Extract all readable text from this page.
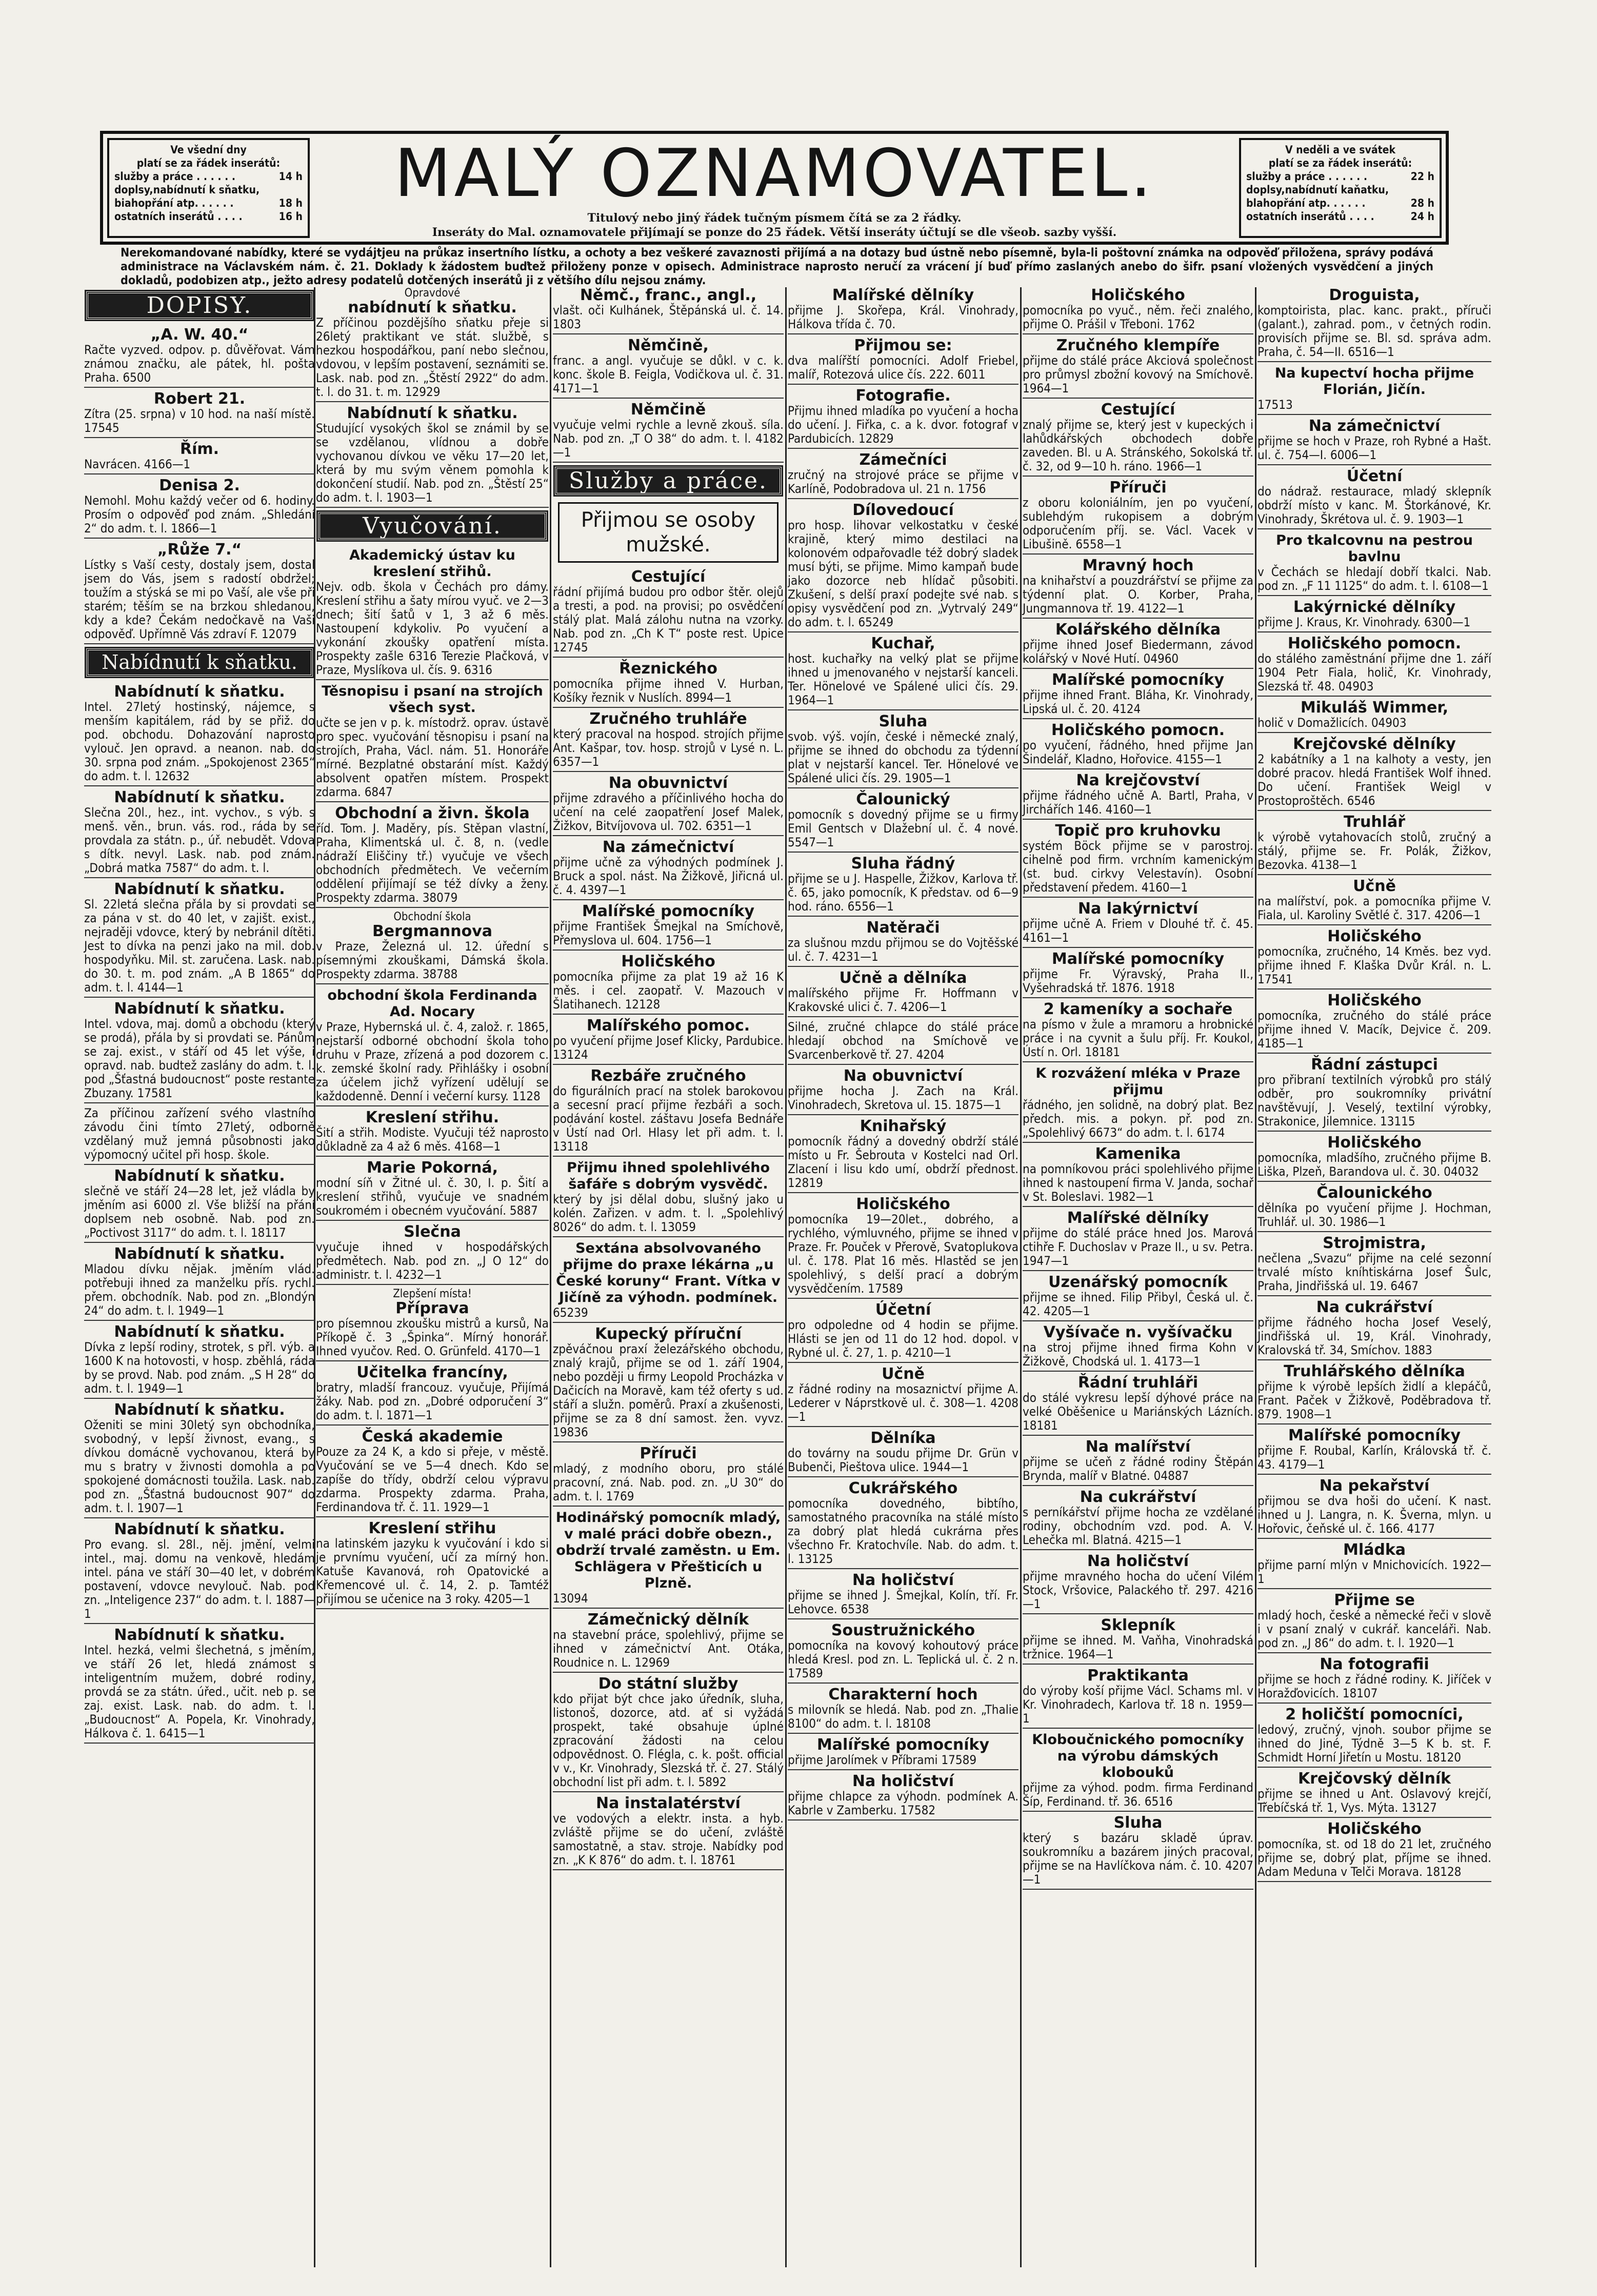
Ve všední dny
platí se za řádek inserátů:
služby a práce . . . . . .	14 h
doplsy,nabídnutí k sňatku,
biahopřání atp. . . . . .	18 h
ostatních inserátů . . . .	16 h
MALÝ OZNAMOVATEL.
Titulový nebo jiný řádek tučným písmem čítá se za 2 řádky.
Inseráty do Mal. oznamovatele přijímají se ponze do 25 řádek. Větší inseráty účtují se dle všeob. sazby vyšší.
V neděli a ve svátek
platí se za řádek inserátů:
služby a práce . . . . . .	22 h
doplsy,nabídnutí kaňatku,
blahopřání atp. . . . . .	28 h
ostatních inserátů . . . .	24 h
Nerekomandované nabídky, které se vydájtjeu na průkaz insertního lístku, a ochoty a bez veškeré zavaznosti přijímá a na dotazy bud ústně nebo písemně, byla-li poštovní známka na odpověď přiložena, správy podává administrace na Václavském nám. č. 21. Doklady k žádostem buďtež přiloženy ponze v opisech. Administrace naprosto neručí za vrácení jí buď přímo zaslaných anebo do šifr. psaní vložených vysvědčení a jiných dokladů, podobizen atp., ježto adresy podatelů dotčených inserátů ji z většího dílu nejsou známy.
DOPISY.
„A. W. 40.“
Račte vyzved. odpov. p. důvěřovat. Vám známou značku, ale pátek, hl. pošta Praha. 6500
Robert 21.
Zítra (25. srpna) v 10 hod. na naší místě. 17545
Řím.
Navrácen. 4166—1
Denisa 2.
Nemohl. Mohu každý večer od 6. hodiny. Prosím o odpověď pod znám. „Shledání 2“ do adm. t. l. 1866—1
„Růže 7.“
Lístky s Vaší cesty, dostaly jsem, dostal jsem do Vás, jsem s radostí obdržel; toužím a stýská se mi po Vaší, ale vše při starém; těším se na brzkou shledanou, kdy a kde? Čekám nedočkavě na Vaši odpověď. Upřímně Vás zdraví F. 12079
Nabídnutí k sňatku.
Nabídnutí k sňatku.
Intel. 27letý hostinský, nájemce, s menším kapitálem, rád by se přiž. do pod. obchodu. Dohazování naprosto vylouč. Jen opravd. a neanon. nab. do 30. srpna pod znám. „Spokojenost 2365“ do adm. t. l. 12632
Nabídnutí k sňatku.
Slečna 20l., hez., int. vychov., s výb. s menš. věn., brun. vás. rod., ráda by se provdala za státn. p., úř. nebudět. Vdova s dítk. nevyl. Lask. nab. pod znám. „Dobrá matka 7587“ do adm. t. l.
Nabídnutí k sňatku.
Sl. 22letá slečna přála by si provdati se za pána v st. do 40 let, v zajišt. exist., nejraději vdovce, který by nebránil dítěti. Jest to dívka na penzi jako na mil. dob. hospodyňku. Mil. st. zaručena. Lask. nab. do 30. t. m. pod znám. „A B 1865“ do adm. t. l. 4144—1
Nabídnutí k sňatku.
Intel. vdova, maj. domů a obchodu (který se prodá), přála by si provdati se. Pánům se zaj. exist., v stáří od 45 let výše, i opravd. nab. budtež zaslány do adm. t. l. pod „Šťastná budoucnost“ poste restante Zbuzany. 17581
Za příčinou zařízení svého vlastního závodu čini tímto 27letý, odborně vzdělaný muž jemná působnosti jako výpomocný učitel při hosp. škole.
Nabídnutí k sňatku.
slečně ve stáří 24—28 let, jež vládla by jměním asi 6000 zl. Vše bližší na přání doplsem neb osobně. Nab. pod zn. „Poctivost 3117“ do adm. t. l. 18117
Nabídnutí k sňatku.
Mladou dívku nějak. jměním vlád. potřebuji ihned za manželku přís. rychl. přem. obchodník. Nab. pod zn. „Blondýn 24“ do adm. t. l. 1949—1
Nabídnutí k sňatku.
Dívka z lepší rodiny, strotek, s přl. výb. a 1600 K na hotovosti, v hosp. zběhlá, ráda by se provd. Nab. pod znám. „S H 28“ do adm. t. l. 1949—1
Nabídnutí k sňatku.
Oženiti se mini 30letý syn obchodníka, svobodný, v lepší živnost, evang., s dívkou domácně vychovanou, která by mu s bratry v živnosti domohla a po spokojené domácnosti toužila. Lask. nab. pod zn. „Šťastná budoucnost 907“ do adm. t. l. 1907—1
Nabídnutí k sňatku.
Pro evang. sl. 28l., něj. jmění, velmi intel., maj. domu na venkově, hledám intel. pána ve stáří 30—40 let, v dobrém postavení, vdovce nevylouč. Nab. pod zn. „Inteligence 237“ do adm. t. l. 1887—1
Nabídnutí k sňatku.
Intel. hezká, velmi šlechetná, s jměním, ve stáří 26 let, hledá známost s inteligentním mužem, dobré rodiny, provdá se za státn. úřed., učit. neb p. se zaj. exist. Lask. nab. do adm. t. l. „Budoucnost“ A. Popela, Kr. Vinohrady, Hálkova č. 1. 6415—1
Opravdové
nabídnutí k sňatku.
Z příčinou pozdějšího sňatku přeje si 26letý praktikant ve stát. službě, s hezkou hospodářkou, paní nebo slečnou, vdovou, v lepším postavení, seznámiti se. Lask. nab. pod zn. „Štěstí 2922“ do adm. t. l. do 31. t. m. 12929
Nabídnutí k sňatku.
Studující vysokých škol se známil by se se vzdělanou, vlídnou a dobře vychovanou dívkou ve věku 17—20 let, která by mu svým věnem pomohla k dokončení studií. Nab. pod zn. „Štěstí 25“ do adm. t. l. 1903—1
Vyučování.
Akademický ústav ku kreslení střihů.
Nejv. odb. škola v Čechách pro dámy. Kreslení střihu a šaty mírou vyuč. ve 2—3 dnech; šití šatů v 1, 3 až 6 měs. Nastoupení kdykoliv. Po vyučení a vykonání zkoušky opatření místa. Prospekty zašle 6316 Terezie Plačková, v Praze, Myslíkova ul. čís. 9. 6316
Těsnopisu i psaní na strojích všech syst.
učte se jen v p. k. místodrž. oprav. ústavě pro spec. vyučování těsnopisu i psaní na strojích, Praha, Václ. nám. 51. Honoráře mírné. Bezplatné obstarání míst. Každý absolvent opatřen místem. Prospekt zdarma. 6847
Obchodní a živn. škola
říd. Tom. J. Maděry, pís. Stěpan vlastní, Praha, Klimentská ul. č. 8, n. (vedle nádraží Eliščiny tř.) vyučuje ve všech obchodních předmětech. Ve večerním oddělení přijímají se též dívky a ženy. Prospekty zdarma. 38079
Obchodní škola
Bergmannova
v Praze, Železná ul. 12. úřední s písemnými zkouškami, Dámská škola. Prospekty zdarma. 38788
obchodní škola Ferdinanda Ad. Nocary
v Praze, Hybernská ul. č. 4, založ. r. 1865, nejstarší odborné obchodní škola toho druhu v Praze, zřízená a pod dozorem c. k. zemské školní rady. Přihlášky i osobní za účelem jichž vyřízení udělují se každodenně. Denní i večerní kursy. 1128
Kreslení střihu.
Šití a střih. Modiste. Vyučuji též naprosto důkladně za 4 až 6 měs. 4168—1
Marie Pokorná,
modní síň v Žitné ul. č. 30, I. p. Šití a kreslení střihů, vyučuje ve snadném soukromém i obecném vyučování. 5887
Slečna
vyučuje ihned v hospodářských předmětech. Nab. pod zn. „J O 12“ do administr. t. l. 4232—1
Zlepšení místa!
Příprava
pro písemnou zkoušku mistrů a kursů, Na Příkopě č. 3 „Špinka“. Mírný honorář. Ihned vyučov. Red. O. Grünfeld. 4170—1
Učitelka francíny,
bratry, mladší francouz. vyučuje, Přijímá žáky. Nab. pod zn. „Dobré odporučení 3“ do adm. t. l. 1871—1
Česká akademie
Pouze za 24 K, a kdo si přeje, v městě. Vyučování se ve 5—4 dnech. Kdo se zapíše do třídy, obdrží celou výpravu zdarma. Prospekty zdarma. Praha, Ferdinandova tř. č. 11. 1929—1
Kreslení střihu
na latinském jazyku k vyučování i kdo si je prvnímu vyučení, učí za mírný hon. Katuše Kavanová, roh Opatovické a Křemencové ul. č. 14, 2. p. Tamtéž přijímou se učenice na 3 roky. 4205—1
Němč., franc., angl.,
vlašt. oči Kulhánek, Štěpánská ul. č. 14. 1803
Němčině,
franc. a angl. vyučuje se důkl. v c. k. konc. škole B. Feigla, Vodičkova ul. č. 31. 4171—1
Němčině
vyučuje velmi rychle a levně zkouš. síla. Nab. pod zn. „T O 38“ do adm. t. l. 4182—1
Služby a práce.
Přijmou se osoby mužské.
Cestující
řádní přijímá budou pro odbor štěr. olejů a tresti, a pod. na provisi; po osvědčení stálý plat. Malá zálohu nutna na vzorky. Nab. pod zn. „Ch K T“ poste rest. Upice 12745
Řeznického
pomocníka přijme ihned V. Hurban, Košíky řeznik v Nuslích. 8994—1
Zručného truhláře
který pracoval na hospod. strojích přijme Ant. Kašpar, tov. hosp. strojů v Lysé n. L. 6357—1
Na obuvnictví
přijme zdravého a příčinlivého hocha do učení na celé zaopatření Josef Malek, Žižkov, Bitvíjovova ul. 702. 6351—1
Na zámečnictví
přijme učně za výhodných podmínek J. Bruck a spol. nást. Na Žižkově, Jiřicná ul. č. 4. 4397—1
Malířské pomocníky
přijme František Šmejkal na Smíchově, Přemyslova ul. 604. 1756—1
Holičského
pomocníka přijme za plat 19 až 16 K měs. i cel. zaopatř. V. Mazouch v Šlatihanech. 12128
Malířského pomoc.
po vyučení přijme Josef Klicky, Pardubice. 13124
Rezbáře zručného
do figurálních prací na stolek barokovou a secesní prací přijme řezbáři a soch. podávání kostel. záštavu Josefa Bednáře v Ústí nad Orl. Hlasy let při adm. t. l. 13118
Přijmu ihned spolehlivého šafáře s dobrým vysvědč.
který by jsi dělal dobu, slušný jako u kolén. Zařizen. v adm. t. l. „Spolehlivý 8026“ do adm. t. l. 13059
Sextána absolvovaného přijme do praxe lékárna „u České koruny“ Frant. Vítka v Jičíně za výhodn. podmínek.
65239
Kupecký příruční
zpěváčnou praxí železářského obchodu, znalý krajů, přijme se od 1. září 1904, nebo později u firmy Leopold Procházka v Dačicích na Moravě, kam též oferty s ud. stáří a služn. poměrů. Praxí a zkušenosti, přijme se za 8 dní samost. žen. vyvz. 19836
Příruči
mladý, z modního oboru, pro stálé pracovní, zná. Nab. pod. zn. „U 30“ do adm. t. l. 1769
Hodinářský pomocník mladý, v malé práci dobře obezn., obdrží trvalé zaměstn. u Em. Schlägera v Přešticích u Plzně.
13094
Zámečnický dělník
na stavební práce, spolehlivý, přijme se ihned v zámečnictví Ant. Otáka, Roudnice n. L. 12969
Do státní služby
kdo přijat být chce jako úředník, sluha, listonoš, dozorce, atd. ať si vyžádá prospekt, také obsahuje úplné zpracování žádosti na celou odpovědnost. O. Flégla, c. k. pošt. official v v., Kr. Vinohrady, Slezská tř. č. 27. Stálý obchodní list při adm. t. l. 5892
Na instalatérství
ve vodových a elektr. insta. a hyb. zvláště přijme se do učení, zvláště samostatně, a stav. stroje. Nabídky pod zn. „K K 876“ do adm. t. l. 18761
Malířské dělníky
přijme J. Skořepa, Král. Vinohrady, Hálkova třída č. 70.
Přijmou se:
dva malířští pomocníci. Adolf Friebel, malíř, Rotezová ulice čís. 222. 6011
Fotografie.
Přijmu ihned mladíka po vyučení a hocha do učení. J. Fiřka, c. a k. dvor. fotograf v Pardubicích. 12829
Zámečníci
zručný na strojové práce se přijme v Karlíně, Podobradova ul. 21 n. 1756
Dílovedoucí
pro hosp. lihovar velkostatku v české krajině, který mimo destilaci na kolonovém odpařovadle též dobrý sladek musí býti, se přijme. Mimo kampaň bude jako dozorce neb hlídač působiti. Zkušení, s delší praxí podejte své nab. s opisy vysvědčení pod zn. „Vytrvalý 249“ do adm. t. l. 65249
Kuchař,
host. kuchařky na velký plat se přijme ihned u jmenovaného v nejstarší kanceli. Ter. Hönelové ve Spálené ulici čís. 29. 1964—1
Sluha
svob. výš. vojín, české i německé znalý, přijme se ihned do obchodu za týdenní plat v nejstarší kancel. Ter. Hönelové ve Spálené ulici čís. 29. 1905—1
Čalounický
pomocník s dovedný přijme se u firmy Emil Gentsch v Dlažební ul. č. 4 nové. 5547—1
Sluha řádný
přijme se u J. Haspelle, Žižkov, Karlova tř. č. 65, jako pomocník, K představ. od 6—9 hod. ráno. 6556—1
Natěrači
za slušnou mzdu přijmou se do Vojtěšské ul. č. 7. 4231—1
Učně a dělníka
malířského přijme Fr. Hoffmann v Krakovské ulici č. 7. 4206—1
Silné, zručné chlapce do stálé práce hledají obchod na Smíchově ve Svarcenberkově tř. 27. 4204
Na obuvnictví
přijme hocha J. Zach na Král. Vinohradech, Skretova ul. 15. 1875—1
Knihařský
pomocník řádný a dovedný obdrží stálé místo u Fr. Šebrouta v Kostelci nad Orl. Zlacení i lisu kdo umí, obdrží přednost. 12819
Holičského
pomocníka 19—20let., dobrého, a rychlého, výmluvného, přijme se ihned v Praze. Fr. Pouček v Přerově, Svatoplukova ul. č. 178. Plat 16 měs. Hlastěd se jen spolehlivý, s delší prací a dobrým vysvědčením. 17589
Účetní
pro odpoledne od 4 hodin se přijme. Hlásti se jen od 11 do 12 hod. dopol. v Rybné ul. č. 27, 1. p. 4210—1
Učně
z řádné rodiny na mosaznictví přijme A. Lederer v Náprstkově ul. č. 308—1. 4208—1
Dělníka
do továrny na soudu přijme Dr. Grün v Bubenči, Pieštova ulice. 1944—1
Cukrářského
pomocníka dovedného, bibtího, samostatného pracovníka na stálé místo za dobrý plat hledá cukrárna přes všechno Fr. Kratochvíle. Nab. do adm. t. l. 13125
Na holičství
přijme se ihned J. Šmejkal, Kolín, tří. Fr. Lehovce. 6538
Soustružnického
pomocníka na kovový kohoutový práce hledá Kresl. pod zn. L. Teplická ul. č. 2 n. 17589
Charakterní hoch
s milovník se hledá. Nab. pod zn. „Thalie 8100“ do adm. t. l. 18108
Malířské pomocníky
přijme Jarolímek v Příbrami 17589
Na holičství
přijme chlapce za výhodn. podmínek A. Kabrle v Zamberku. 17582
Holičského
pomocníka po vyuč., něm. řeči znalého, přijme O. Prášil v Třeboni. 1762
Zručného klempíře
přijme do stálé práce Akciová společnost pro průmysl zbožní kovový na Smíchově. 1964—1
Cestující
znalý přijme se, který jest v kupeckých i lahůdkářských obchodech dobře zaveden. Bl. u A. Stránského, Sokolská tř. č. 32, od 9—10 h. ráno. 1966—1
Příruči
z oboru koloniálním, jen po vyučení, sublehdým rukopisem a dobrým odporučením příj. se. Václ. Vacek v Libušině. 6558—1
Mravný hoch
na knihařství a pouzdrářství se přijme za týdenní plat. O. Korber, Praha, Jungmannova tř. 19. 4122—1
Kolářského dělníka
přijme ihned Josef Biedermann, závod kolářský v Nové Hutí. 04960
Malířské pomocníky
přijme ihned Frant. Bláha, Kr. Vinohrady, Lipská ul. č. 20. 4124
Holičského pomocn.
po vyučení, řádného, hned přijme Jan Šindelář, Kladno, Hořovice. 4155—1
Na krejčovství
přijme řádného učně A. Bartl, Praha, v Jirchářích 146. 4160—1
Topič pro kruhovku
systém Böck přijme se v parostroj. cihelně pod firm. vrchním kamenickým (st. bud. cirkvy Velestavín). Osobní představení předem. 4160—1
Na lakýrnictví
přijme učně A. Friem v Dlouhé tř. č. 45. 4161—1
Malířské pomocníky
přijme Fr. Výravský, Praha II., Vyšehradská tř. 1876. 1918
2 kameníky a sochaře
na písmo v žule a mramoru a hrobnické práce i na cyvnit a šulu příj. Fr. Koukol, Ústí n. Orl. 18181
K rozvážení mléka v Praze přijmu
řádného, jen solidně, na dobrý plat. Bez předch. mis. a pokyn. př. pod zn. „Spolehlivý 6673“ do adm. t. l. 6174
Kamenika
na pomníkovou práci spolehlivého přijme ihned k nastoupení firma V. Janda, sochař v St. Boleslavi. 1982—1
Malířské dělníky
přijme do stálé práce hned Jos. Marová ctihře F. Duchoslav v Praze II., u sv. Petra. 1947—1
Uzenářský pomocník
přijme se ihned. Filip Přibyl, Česká ul. č. 42. 4205—1
Vyšívače n. vyšívačku
na stroj přijme ihned firma Kohn v Žižkově, Chodská ul. 1. 4173—1
Řádní truhláři
do stálé vykresu lepší dýhové práce na velké Oběšenice u Mariánských Lázních. 18181
Na malířství
přijme se učeň z řádné rodiny Štěpán Brynda, malíř v Blatné. 04887
Na cukrářství
s perníkářství přijme hocha ze vzdělané rodiny, obchodním vzd. pod. A. V. Lehečka ml. Blatná. 4215—1
Na holičství
přijme mravného hocha do učení Vilém Stock, Vršovice, Palackého tř. 297. 4216—1
Sklepník
přijme se ihned. M. Vaňha, Vinohradská tržnice. 1964—1
Praktikanta
do výroby koší přijme Václ. Schams ml. v Kr. Vinohradech, Karlova tř. 18 n. 1959—1
Kloboučnického pomocníky na výrobu dámských klobouků
přijme za výhod. podm. firma Ferdinand Šíp, Ferdinand. tř. 36. 6516
Sluha
který s bazáru skladě úprav. soukromníku a bazárem jiných pracoval, přijme se na Havlíčkova nám. č. 10. 4207—1
Droguista,
komptoirista, plac. kanc. prakt., příruči (galant.), zahrad. pom., v četných rodin. provisích přijme se. Bl. sd. správa adm. Praha, č. 54—II. 6516—1
Na kupectví hocha přijme Florián, Jičín.
17513
Na zámečnictví
přijme se hoch v Praze, roh Rybné a Hašt. ul. č. 754—I. 6006—1
Účetní
do nádraž. restaurace, mladý sklepník obdrží místo v kanc. M. Štorkánové, Kr. Vinohrady, Škrétova ul. č. 9. 1903—1
Pro tkalcovnu na pestrou bavlnu
v Čechách se hledají dobří tkalci. Nab. pod zn. „F 11 1125“ do adm. t. l. 6108—1
Lakýrnické dělníky
přijme J. Kraus, Kr. Vinohrady. 6300—1
Holičského pomocn.
do stálého zaměstnání přijme dne 1. září 1904 Petr Fiala, holič, Kr. Vinohrady, Slezská tř. 48. 04903
Mikuláš Wimmer,
holič v Domažlicích. 04903
Krejčovské dělníky
2 kabátníky a 1 na kalhoty a vesty, jen dobré pracov. hledá František Wolf ihned. Do učení. František Weigl v Prostoproštěch. 6546
Truhlář
k výrobě vytahovacích stolů, zručný a stálý, přijme se. Fr. Polák, Žižkov, Bezovka. 4138—1
Učně
na malířství, pok. a pomocníka přijme V. Fiala, ul. Karoliny Světlé č. 317. 4206—1
Holičského
pomocníka, zručného, 14 Kměs. bez vyd. přijme ihned F. Klaška Dvůr Král. n. L. 17541
Holičského
pomocníka, zručného do stálé práce přijme ihned V. Macík, Dejvice č. 209. 4185—1
Řádní zástupci
pro přibraní textilních výrobků pro stálý odběr, pro soukromníky privátní navštěvují, J. Veselý, textilní výrobky, Strakonice, Jilemnice. 13115
Holičského
pomocníka, mladšího, zručného přijme B. Liška, Plzeň, Barandova ul. č. 30. 04032
Čalounického
dělníka po vyučení přijme J. Hochman, Truhlář. ul. 30. 1986—1
Strojmistra,
nečlena „Svazu“ přijme na celé sezonní trvalé místo kníhtiskárna Josef Šulc, Praha, Jindřišská ul. 19. 6467
Na cukrářství
přijme řádného hocha Josef Veselý, Jindřišská ul. 19, Král. Vinohrady, Kralovská tř. 34, Smíchov. 1883
Truhlářského dělníka
přijme k výrobě lepších židlí a klepáčů, Frant. Paček v Žižkově, Poděbradova tř. 879. 1908—1
Malířské pomocníky
přijme F. Roubal, Karlín, Královská tř. č. 43. 4179—1
Na pekařství
přijmou se dva hoši do učení. K nast. ihned u J. Langra, n. K. Šverna, mlyn. u Hořovic, čeňské ul. č. 166. 4177
Mládka
přijme parní mlýn v Mnichovicích. 1922—1
Přijme se
mladý hoch, české a německé řeči v slově i v psaní znalý v cukrář. kanceláři. Nab. pod zn. „J 86“ do adm. t. l. 1920—1
Na fotografii
přijme se hoch z řádné rodiny. K. Jiříček v Horažďovicích. 18107
2 holičští pomocníci,
ledový, zručný, vjnoh. soubor přijme se ihned do Jiné, Týdně 3—5 K b. st. F. Schmidt Horní Jiřetín u Mostu. 18120
Krejčovský dělník
přijme se ihned u Ant. Oslavový krejčí, Třebíčská tř. 1, Vys. Mýta. 13127
Holičského
pomocníka, st. od 18 do 21 let, zručného přijme se, dobrý plat, příjme se ihned. Adam Meduna v Telči Morava. 18128
